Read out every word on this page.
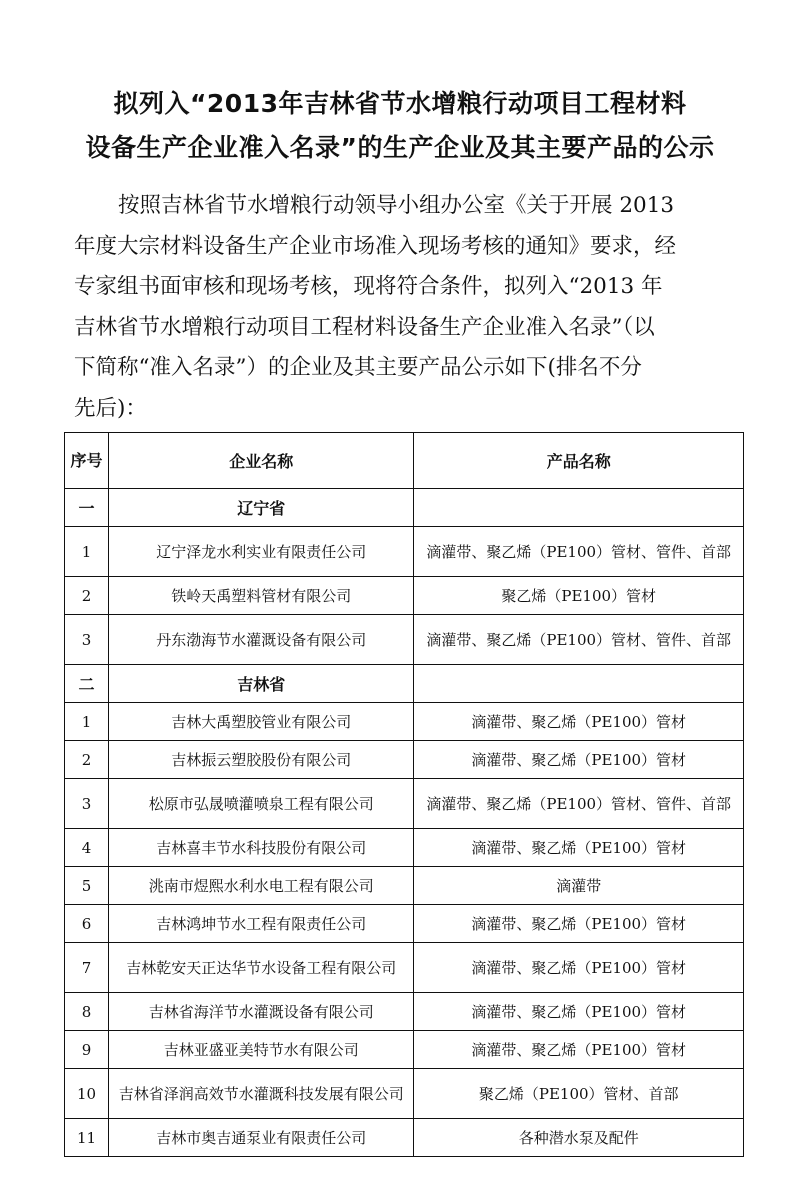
拟列入“2013年吉林省节水增粮行动项目工程材料
设备生产企业准入名录”的生产企业及其主要产品的公示
按照吉林省节水增粮行动领导小组办公室《关于开展 2013
年度大宗材料设备生产企业市场准入现场考核的通知》要求，经
专家组书面审核和现场考核，现将符合条件，拟列入“2013 年
吉林省节水增粮行动项目工程材料设备生产企业准入名录”（以
下简称“准入名录”）的企业及其主要产品公示如下(排名不分
先后)：
序号	企业名称	产品名称
一	辽宁省	
1	辽宁泽龙水利实业有限责任公司	滴灌带、聚乙烯（PE100）管材、管件、首部
2	铁岭天禹塑料管材有限公司	聚乙烯（PE100）管材
3	丹东渤海节水灌溉设备有限公司	滴灌带、聚乙烯（PE100）管材、管件、首部
二	吉林省	
1	吉林大禹塑胶管业有限公司	滴灌带、聚乙烯（PE100）管材
2	吉林振云塑胶股份有限公司	滴灌带、聚乙烯（PE100）管材
3	松原市弘晟喷灌喷泉工程有限公司	滴灌带、聚乙烯（PE100）管材、管件、首部
4	吉林喜丰节水科技股份有限公司	滴灌带、聚乙烯（PE100）管材
5	洮南市煜熙水利水电工程有限公司	滴灌带
6	吉林鸿坤节水工程有限责任公司	滴灌带、聚乙烯（PE100）管材
7	吉林乾安天正达华节水设备工程有限公司	滴灌带、聚乙烯（PE100）管材
8	吉林省海洋节水灌溉设备有限公司	滴灌带、聚乙烯（PE100）管材
9	吉林亚盛亚美特节水有限公司	滴灌带、聚乙烯（PE100）管材
10	吉林省泽润高效节水灌溉科技发展有限公司	聚乙烯（PE100）管材、首部
11	吉林市奥吉通泵业有限责任公司	各种潜水泵及配件
